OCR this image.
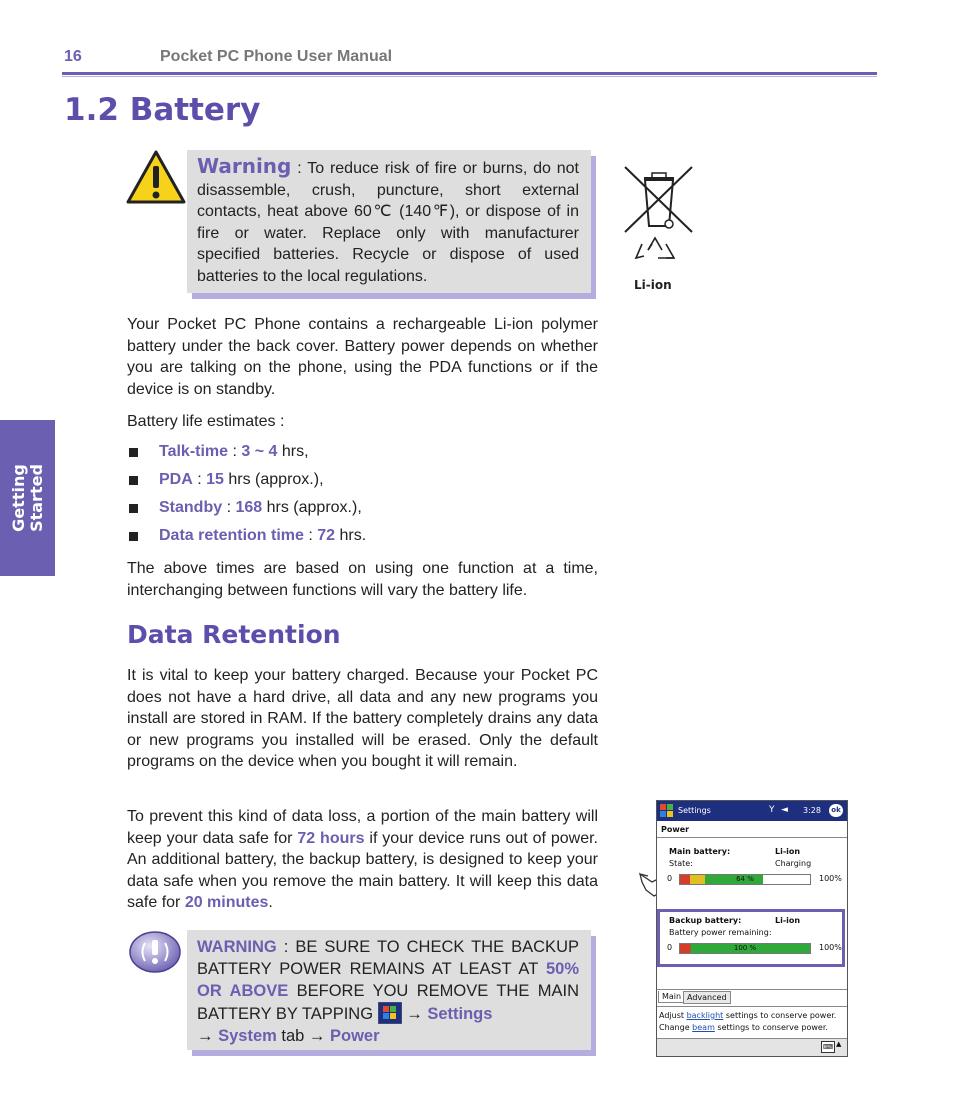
16	Pocket PC Phone User Manual
1.2 Battery
Getting Started
Warning : To reduce risk of fire or burns, do not disassemble, crush, puncture, short external contacts, heat above 60℃ (140℉), or dispose of in fire or water. Replace only with manufacturer specified batteries. Recycle or dispose of used batteries to the local regulations.
Li-ion
Your Pocket PC Phone contains a rechargeable Li-ion polymer battery under the back cover. Battery power depends on whether you are talking on the phone, using the PDA functions or if the device is on standby.
Battery life estimates :
Talk-time : 3 ~ 4 hrs,
PDA : 15 hrs (approx.),
Standby : 168 hrs (approx.),
Data retention time : 72 hrs.
The above times are based on using one function at a time, interchanging between functions will vary the battery life.
Data Retention
It is vital to keep your battery charged. Because your Pocket PC does not have a hard drive, all data and any new programs you install are stored in RAM. If the battery completely drains any data or new programs you installed will be erased. Only the default programs on the device when you bought it will remain.
To prevent this kind of data loss, a portion of the main battery will keep your data safe for 72 hours if your device runs out of power. An additional battery, the backup battery, is designed to keep your data safe when you remove the main battery. It will keep this data safe for 20 minutes.
WARNING : BE SURE TO CHECK THE BACKUP BATTERY POWER REMAINS AT LEAST AT 50% OR ABOVE BEFORE YOU REMOVE THE MAIN BATTERY BY TAPPING  → Settings
→ System tab → Power
Settings	Y ◄ 3:28	ok
Power
Main battery:	Li-ion
State:	Charging
0	64 %	100%
Backup battery:	Li-ion
Battery power remaining:
0	100 %	100%
Main Advanced
Adjust backlight settings to conserve power.
Change beam settings to conserve power.
⌨ ▲
